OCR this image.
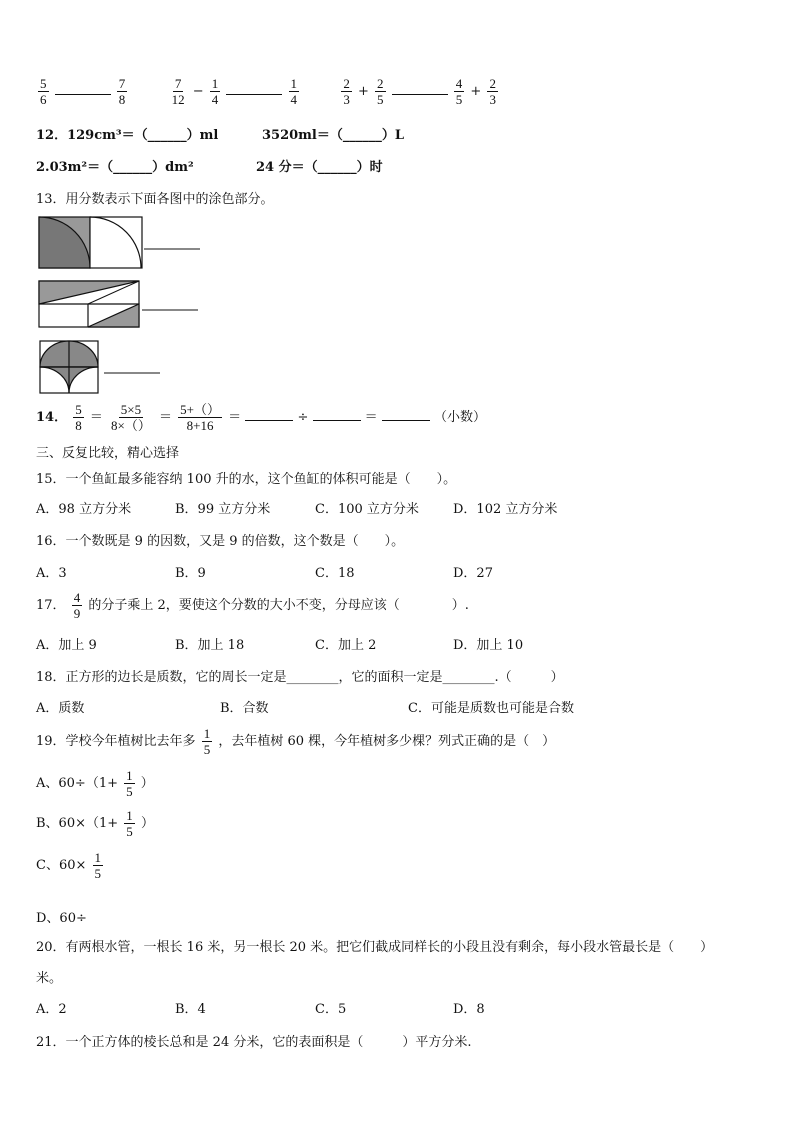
$\frac{5}{6}$
	$\frac{7}{8}$
	$\frac{7}{12} - \frac{1}{4}$
	$\frac{1}{4}$
	$\frac{2}{3} + \frac{2}{5}$
	$\frac{4}{5} + \frac{2}{3}$
12．129cm³＝（______）ml	3520ml＝（______）L
2.03m²＝（______）dm²	24 分＝（______）时
13．用分数表示下面各图中的涂色部分。
14． $\frac{5}{8} = \frac{5\times 5}{8\times()} = \frac{5+()}{8+16}$ ＝	÷	＝	（小数）
三、反复比较，精心选择
15．一个鱼缸最多能容纳 100 升的水，这个鱼缸的体积可能是（　　）。
A．98 立方分米	B．99 立方分米	C．100 立方分米	D．102 立方分米
16．一个数既是 9 的因数，又是 9 的倍数，这个数是（　　）。
A．3	B．9	C．18	D．27
17． $\frac{4}{9}$ 的分子乘上 2，要使这个分数的大小不变，分母应该（　　　　）.
A．加上 9	B．加上 18	C．加上 2	D．加上 10
18．正方形的边长是质数，它的周长一定是________，它的面积一定是________.（　　　）
A．质数	B．合数	C．可能是质数也可能是合数
19．学校今年植树比去年多 $\frac{1}{5}$ ，去年植树 60 棵，今年植树多少棵？列式正确的是（　）
A、$60\div(1+ \frac{1}{5}$ ）
B、$60\times(1+ \frac{1}{5}$ ）
C、$60\times \frac{1}{5}$
D、60÷
20．有两根水管，一根长 16 米，另一根长 20 米。把它们截成同样长的小段且没有剩余，每小段水管最长是（　　）
米。
A．2	B．4	C．5	D．8
21．一个正方体的棱长总和是 24 分米，它的表面积是（　　　）平方分米.
